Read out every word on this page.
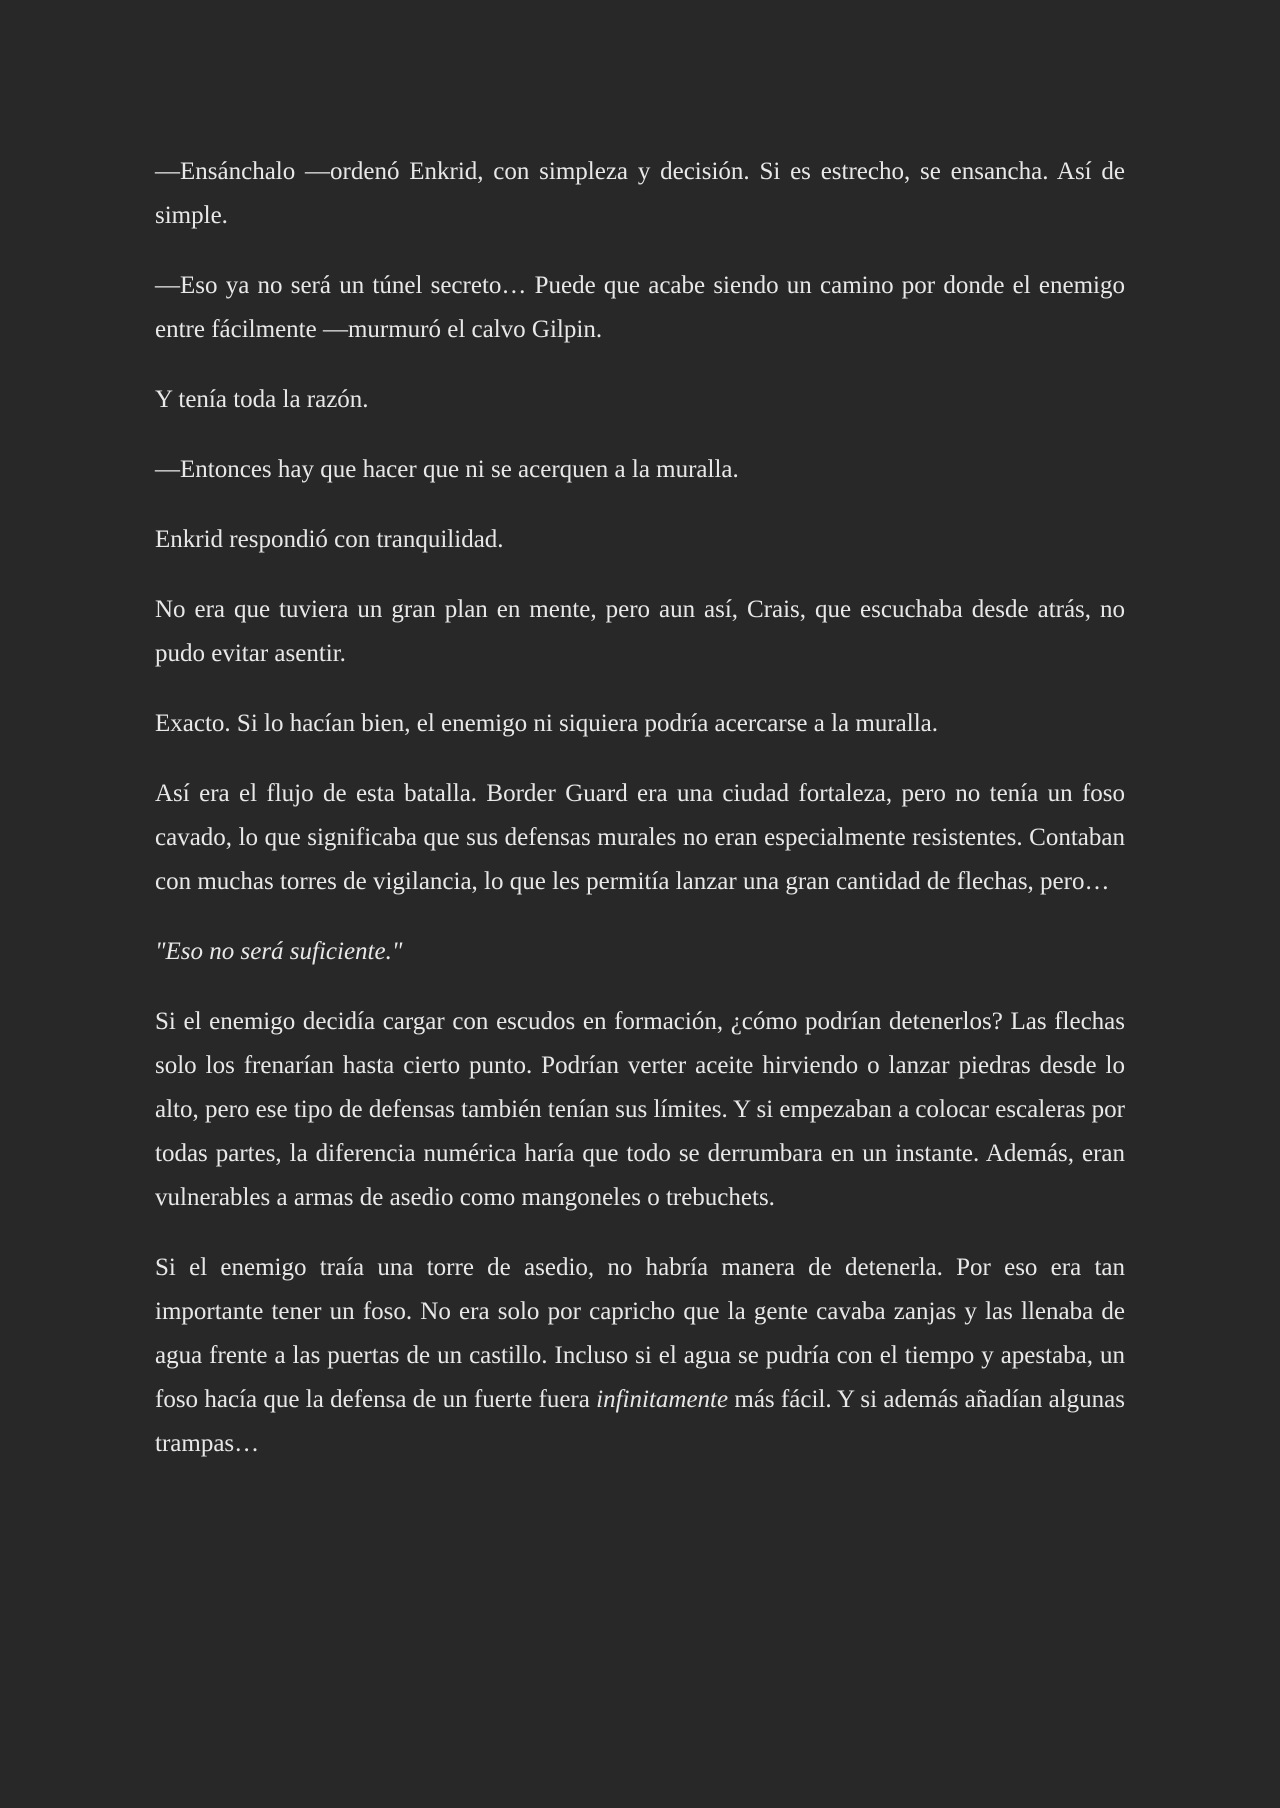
—Ensánchalo —ordenó Enkrid, con simpleza y decisión. Si es estrecho, se ensancha. Así de simple.

—Eso ya no será un túnel secreto… Puede que acabe siendo un camino por donde el enemigo entre fácilmente —murmuró el calvo Gilpin.

Y tenía toda la razón.

—Entonces hay que hacer que ni se acerquen a la muralla.

Enkrid respondió con tranquilidad.

No era que tuviera un gran plan en mente, pero aun así, Crais, que escuchaba desde atrás, no pudo evitar asentir.

Exacto. Si lo hacían bien, el enemigo ni siquiera podría acercarse a la muralla.

Así era el flujo de esta batalla. Border Guard era una ciudad fortaleza, pero no tenía un foso cavado, lo que significaba que sus defensas murales no eran especialmente resistentes. Contaban con muchas torres de vigilancia, lo que les permitía lanzar una gran cantidad de flechas, pero…

"Eso no será suficiente."

Si el enemigo decidía cargar con escudos en formación, ¿cómo podrían detenerlos? Las flechas solo los frenarían hasta cierto punto. Podrían verter aceite hirviendo o lanzar piedras desde lo alto, pero ese tipo de defensas también tenían sus límites. Y si empezaban a colocar escaleras por todas partes, la diferencia numérica haría que todo se derrumbara en un instante. Además, eran vulnerables a armas de asedio como mangoneles o trebuchets.

Si el enemigo traía una torre de asedio, no habría manera de detenerla. Por eso era tan importante tener un foso. No era solo por capricho que la gente cavaba zanjas y las llenaba de agua frente a las puertas de un castillo. Incluso si el agua se pudría con el tiempo y apestaba, un foso hacía que la defensa de un fuerte fuera infinitamente más fácil. Y si además añadían algunas trampas…
